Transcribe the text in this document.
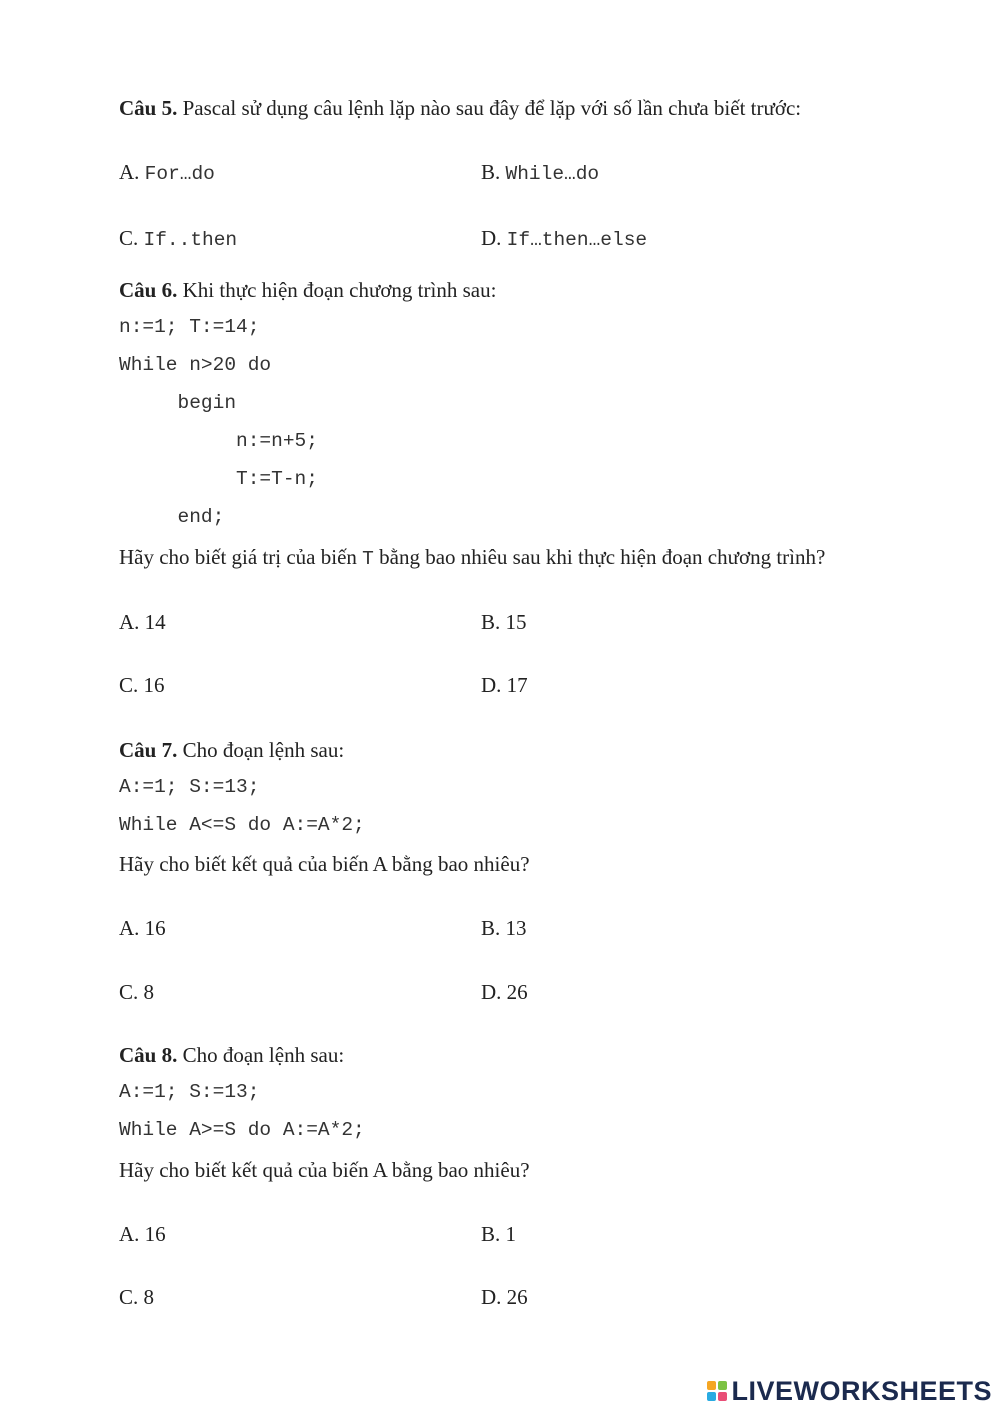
Câu 5. Pascal sử dụng câu lệnh lặp nào sau đây để lặp với số lần chưa biết trước:
A. For…do	B. While…do
C. If..then	D. If…then…else
Câu 6. Khi thực hiện đoạn chương trình sau:
n:=1; T:=14;
While n>20 do
begin
n:=n+5;
T:=T-n;
end;
Hãy cho biết giá trị của biến T bằng bao nhiêu sau khi thực hiện đoạn chương trình?
A. 14	B. 15
C. 16	D. 17
Câu 7. Cho đoạn lệnh sau:
A:=1; S:=13;
While A<=S do A:=A*2;
Hãy cho biết kết quả của biến A bằng bao nhiêu?
A. 16	B. 13
C. 8	D. 26
Câu 8. Cho đoạn lệnh sau:
A:=1; S:=13;
While A>=S do A:=A*2;
Hãy cho biết kết quả của biến A bằng bao nhiêu?
A. 16	B. 1
C. 8	D. 26
LIVEWORKSHEETS
